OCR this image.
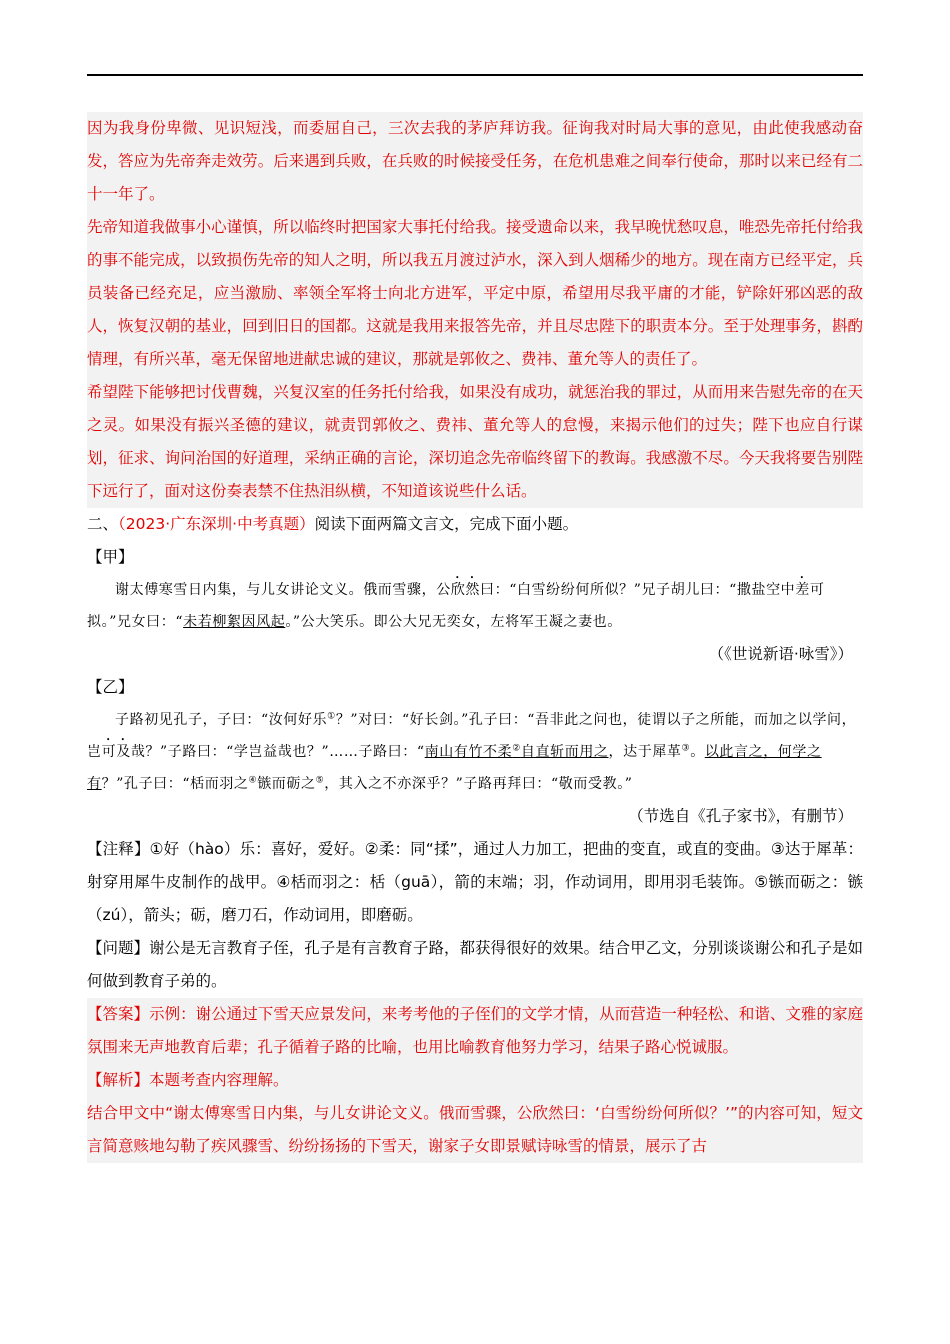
因为我身份卑微、见识短浅，而委屈自己，三次去我的茅庐拜访我。征询我对时局大事的意见，由此使我感动奋发，答应为先帝奔走效劳。后来遇到兵败，在兵败的时候接受任务，在危机患难之间奉行使命，那时以来已经有二十一年了。

先帝知道我做事小心谨慎，所以临终时把国家大事托付给我。接受遗命以来，我早晚忧愁叹息，唯恐先帝托付给我的事不能完成，以致损伤先帝的知人之明，所以我五月渡过泸水，深入到人烟稀少的地方。现在南方已经平定，兵员装备已经充足，应当激励、率领全军将士向北方进军，平定中原，希望用尽我平庸的才能，铲除奸邪凶恶的敌人，恢复汉朝的基业，回到旧日的国都。这就是我用来报答先帝，并且尽忠陛下的职责本分。至于处理事务，斟酌情理，有所兴革，毫无保留地进献忠诚的建议，那就是郭攸之、费祎、董允等人的责任了。

希望陛下能够把讨伐曹魏，兴复汉室的任务托付给我，如果没有成功，就惩治我的罪过，从而用来告慰先帝的在天之灵。如果没有振兴圣德的建议，就责罚郭攸之、费祎、董允等人的怠慢，来揭示他们的过失；陛下也应自行谋划，征求、询问治国的好道理，采纳正确的言论，深切追念先帝临终留下的教诲。我感激不尽。今天我将要告别陛下远行了，面对这份奏表禁不住热泪纵横，不知道该说些什么话。

二、（2023·广东深圳·中考真题）阅读下面两篇文言文，完成下面小题。

【甲】

谢太傅寒雪日内集，与儿女讲论文义。俄而雪骤，公欣然曰：“白雪纷纷何所似？”兄子胡儿曰：“撒盐空中差可拟。”兄女曰：“未若柳絮因风起。”公大笑乐。即公大兄无奕女，左将军王凝之妻也。

（《世说新语·咏雪》）

【乙】

子路初见孔子，子曰：“汝何好乐①？”对曰：“好长剑。”孔子曰：“吾非此之问也，徒谓以子之所能，而加之以学问，岂可及哉？”子路曰：“学岂益哉也？”……子路曰：“南山有竹不柔②自直斩而用之，达于犀革③。以此言之，何学之有？”孔子曰：“栝而羽之④镞而砺之⑤，其入之不亦深乎？”子路再拜曰：“敬而受教。”

（节选自《孔子家书》，有删节）

【注释】①好（hào）乐：喜好，爱好。②柔：同“揉”，通过人力加工，把曲的变直，或直的变曲。③达于犀革：射穿用犀牛皮制作的战甲。④栝而羽之：栝（guā），箭的末端；羽，作动词用，即用羽毛装饰。⑤镞而砺之：镞（zú），箭头；砺，磨刀石，作动词用，即磨砺。

【问题】谢公是无言教育子侄，孔子是有言教育子路，都获得很好的效果。结合甲乙文，分别谈谈谢公和孔子是如何做到教育子弟的。

【答案】示例：谢公通过下雪天应景发问，来考考他的子侄们的文学才情，从而营造一种轻松、和谐、文雅的家庭氛围来无声地教育后辈；孔子循着子路的比喻，也用比喻教育他努力学习，结果子路心悦诚服。

【解析】本题考查内容理解。

结合甲文中“谢太傅寒雪日内集，与儿女讲论文义。俄而雪骤，公欣然曰：‘白雪纷纷何所似？’”的内容可知，短文言简意赅地勾勒了疾风骤雪、纷纷扬扬的下雪天，谢家子女即景赋诗咏雪的情景，展示了古
